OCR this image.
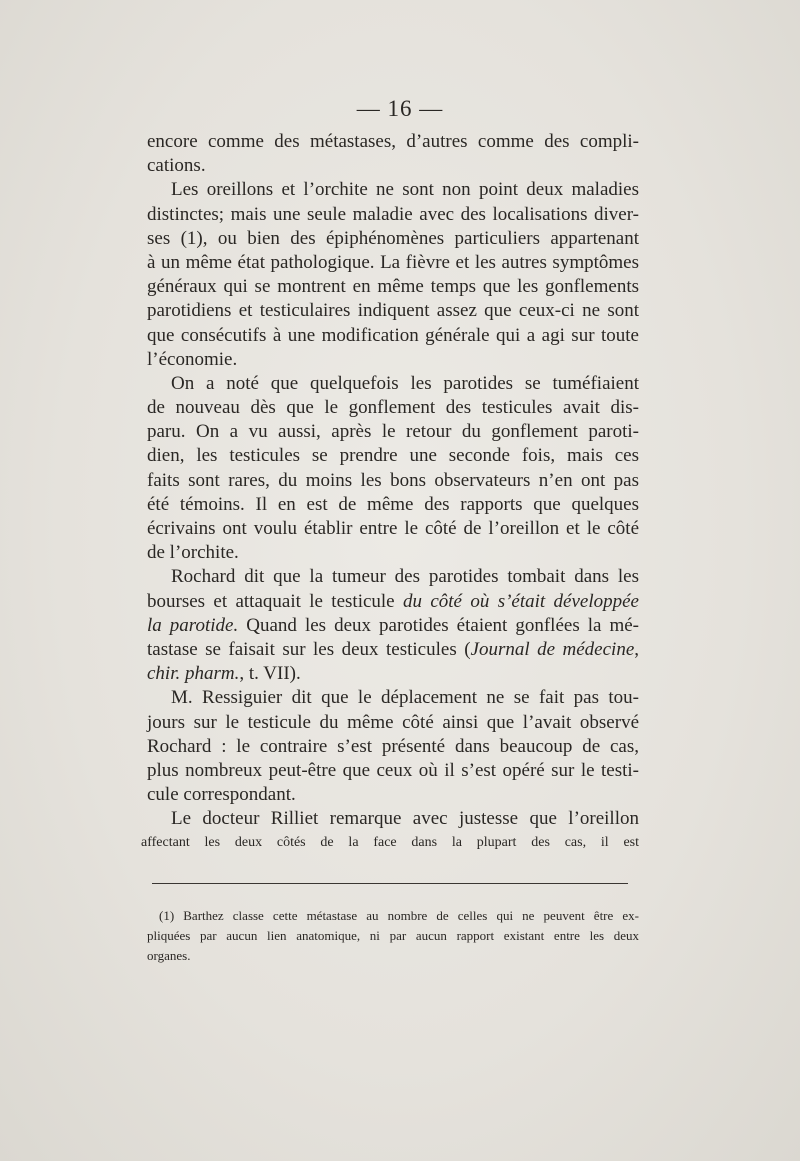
— 16 —
encore comme des métastases, d’autres comme des compli-
cations.
Les oreillons et l’orchite ne sont non point deux maladies
distinctes; mais une seule maladie avec des localisations diver-
ses (1), ou bien des épiphénomènes particuliers appartenant
à un même état pathologique. La fièvre et les autres symptômes
généraux qui se montrent en même temps que les gonflements
parotidiens et testiculaires indiquent assez que ceux-ci ne sont
que consécutifs à une modification générale qui a agi sur toute
l’économie.
On a noté que quelquefois les parotides se tuméfiaient
de nouveau dès que le gonflement des testicules avait dis-
paru. On a vu aussi, après le retour du gonflement paroti-
dien, les testicules se prendre une seconde fois, mais ces
faits sont rares, du moins les bons observateurs n’en ont pas
été témoins. Il en est de même des rapports que quelques
écrivains ont voulu établir entre le côté de l’oreillon et le côté
de l’orchite.
Rochard dit que la tumeur des parotides tombait dans les
bourses et attaquait le testicule du côté où s’était développée
la parotide. Quand les deux parotides étaient gonflées la mé-
tastase se faisait sur les deux testicules (Journal de médecine,
chir. pharm., t. VII).
M. Ressiguier dit que le déplacement ne se fait pas tou-
jours sur le testicule du même côté ainsi que l’avait observé
Rochard : le contraire s’est présenté dans beaucoup de cas,
plus nombreux peut-être que ceux où il s’est opéré sur le testi-
cule correspondant.
Le docteur Rilliet remarque avec justesse que l’oreillon
affectant les deux côtés de la face dans la plupart des cas, il est
(1) Barthez classe cette métastase au nombre de celles qui ne peuvent être ex-
pliquées par aucun lien anatomique, ni par aucun rapport existant entre les deux
organes.
